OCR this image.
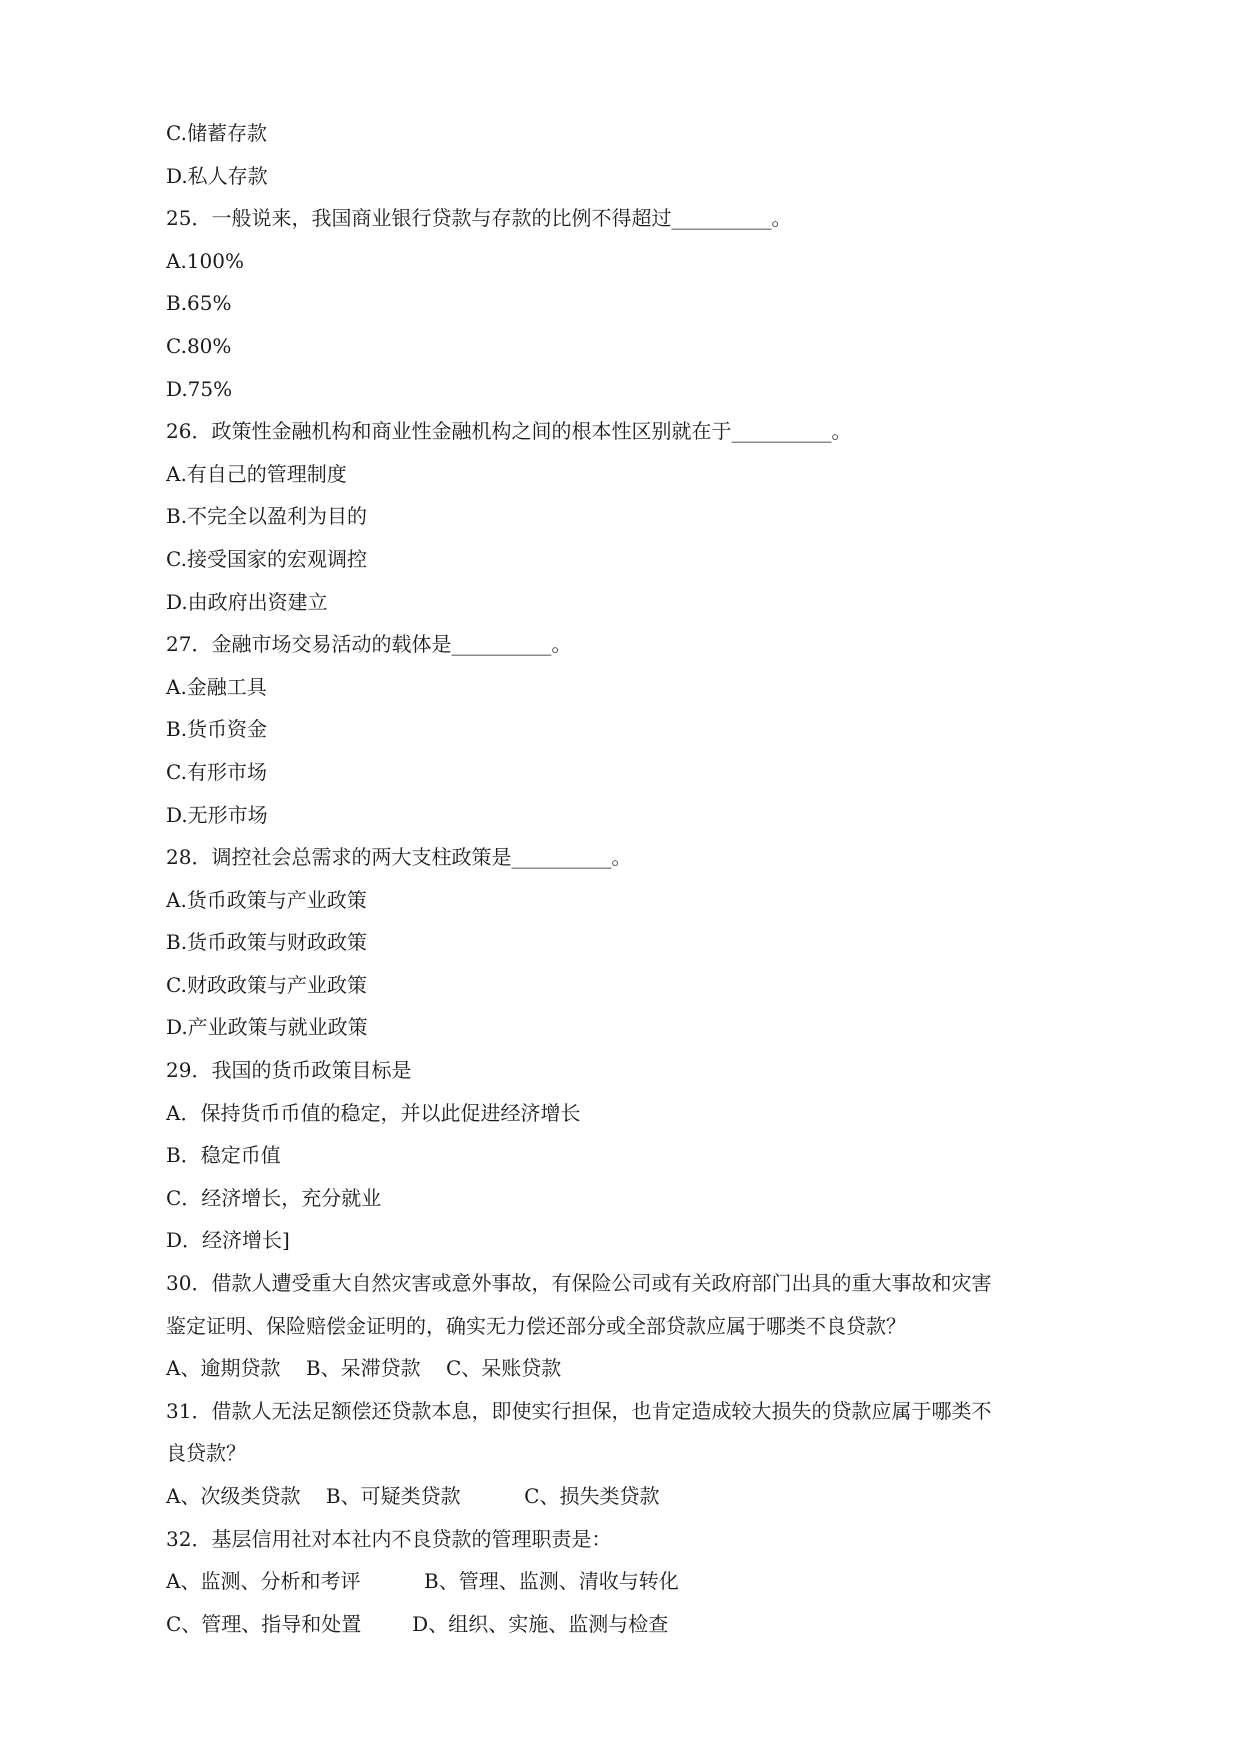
C.储蓄存款
D.私人存款
25．一般说来，我国商业银行贷款与存款的比例不得超过__________。
A.100%
B.65%
C.80%
D.75%
26．政策性金融机构和商业性金融机构之间的根本性区别就在于__________。
A.有自己的管理制度
B.不完全以盈利为目的
C.接受国家的宏观调控
D.由政府出资建立
27．金融市场交易活动的载体是__________。
A.金融工具
B.货币资金
C.有形市场
D.无形市场
28．调控社会总需求的两大支柱政策是__________。
A.货币政策与产业政策
B.货币政策与财政政策
C.财政政策与产业政策
D.产业政策与就业政策
29．我国的货币政策目标是
A．保持货币币值的稳定，并以此促进经济增长
B．稳定币值
C．经济增长，充分就业
D．经济增长]
30．借款人遭受重大自然灾害或意外事故，有保险公司或有关政府部门出具的重大事故和灾害
鉴定证明、保险赔偿金证明的，确实无力偿还部分或全部贷款应属于哪类不良贷款？
A、逾期贷款    B、呆滞贷款    C、呆账贷款
31．借款人无法足额偿还贷款本息，即使实行担保，也肯定造成较大损失的贷款应属于哪类不
良贷款？
A、次级类贷款    B、可疑类贷款          C、损失类贷款
32．基层信用社对本社内不良贷款的管理职责是：
A、监测、分析和考评          B、管理、监测、清收与转化
C、管理、指导和处置        D、组织、实施、监测与检查
